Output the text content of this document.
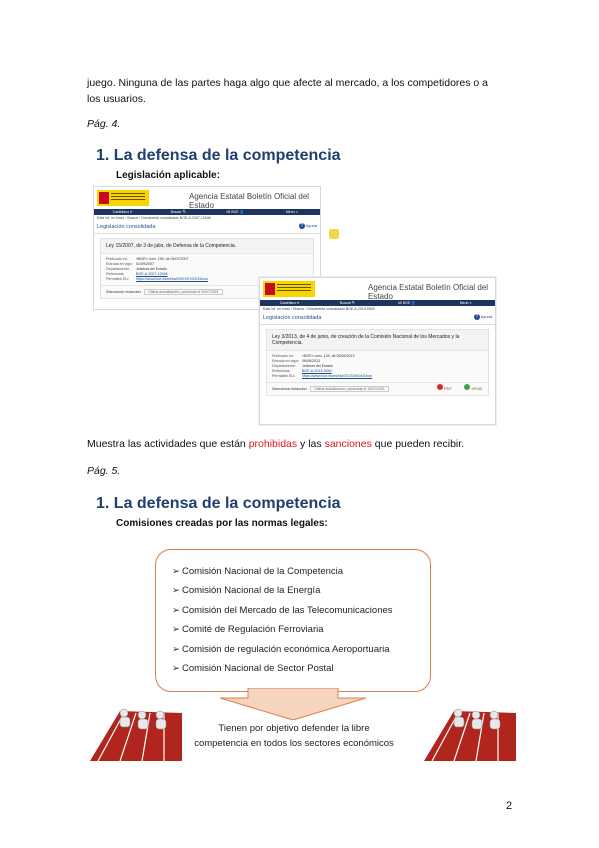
juego. Ninguna de las partes haga algo que afecte al mercado, a los competidores o a
los usuarios.
Pág. 4.
1. La defensa de la competencia
Legislación aplicable:
Agencia Estatal Boletín Oficial del Estado
Castellano ▾	Buscar 🔍	Mi BOE 👤	Menú ≡
Está Vd. en Inicio › Buscar › Documento consolidado BOE-A-2007-12946
Legislación consolidada	? Ayuda
Ley 15/2007, de 3 de julio, de Defensa de la Competencia.
Publicado en: «BOE» núm. 159, de 04/07/2007
Entrada en vigor: 01/09/2007
Departamento: Jefatura del Estado
Referencia:	BOE-A-2007-12946
Permalink ELI: https://www.boe.es/eli/es/l/2007/07/03/15/con
Seleccionar redacción: Última actualización, publicada el 09/07/2021	Agencia Estatal Boletín Oficial del Estado
Castellano ▾	Buscar 🔍	Mi BOE 👤	Menú ≡
Está Vd. en Inicio › Buscar › Documento consolidado BOE-A-2013-5940
Legislación consolidada	? Ayuda
Ley 3/2013, de 4 de junio, de creación de la Comisión Nacional de los Mercados y la Competencia.
Publicado en: «BOE» núm. 134, de 05/06/2013
Entrada en vigor: 06/06/2013
Departamento: Jefatura del Estado
Referencia:	BOE-A-2013-5940
Permalink ELI: https://www.boe.es/eli/es/l/2013/06/04/3/con
Seleccionar redacción: Última actualización, publicada el 10/07/2021	PDF	ePUB
Muestra las actividades que están prohibidas y las sanciones que pueden recibir.
Pág. 5.
1. La defensa de la competencia
Comisiones creadas por las normas legales:
➢ Comisión Nacional de la Competencia
➢ Comisión Nacional de la Energía
➢ Comisión del Mercado de las Telecomunicaciones
➢ Comité de Regulación Ferroviaria
➢ Comisión de regulación económica Aeroportuaria
➢ Comisión Nacional de Sector Postal
Tienen por objetivo defender la libre
competencia en todos los sectores económicos
2
